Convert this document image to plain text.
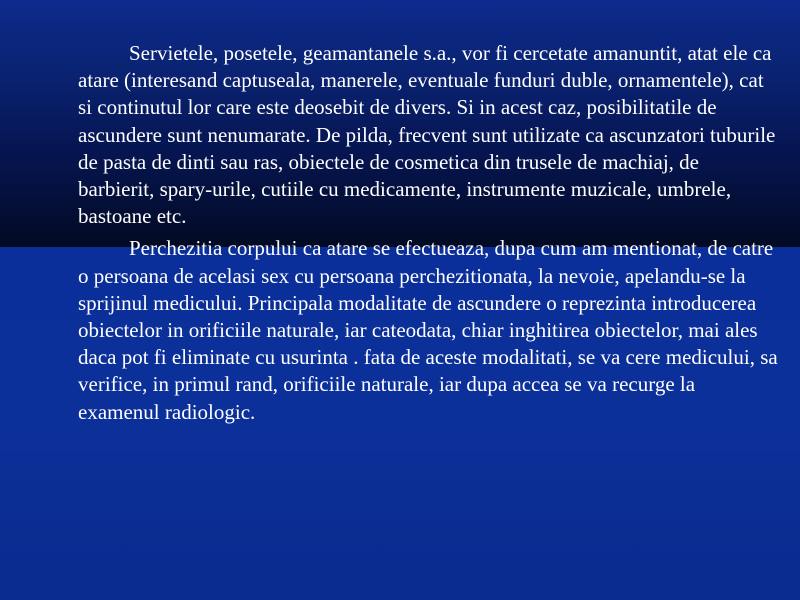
Servietele, posetele, geamantanele s.a., vor fi cercetate amanuntit, atat ele ca atare (interesand captuseala, manerele, eventuale funduri duble, ornamentele), cat si continutul lor care este deosebit de divers. Si in acest caz, posibilitatile de ascundere sunt nenumarate. De pilda, frecvent sunt utilizate ca ascunzatori tuburile de pasta de dinti sau ras, obiectele de cosmetica din trusele de machiaj, de barbierit, spary-urile, cutiile cu medicamente, instrumente muzicale, umbrele, bastoane etc.

Perchezitia corpului ca atare se efectueaza, dupa cum am mentionat, de catre o persoana de acelasi sex cu persoana perchezitionata, la nevoie, apelandu-se la sprijinul medicului. Principala modalitate de ascundere o reprezinta introducerea obiectelor in orificiile naturale, iar cateodata, chiar inghitirea obiectelor, mai ales daca pot fi eliminate cu usurinta . fata de aceste modalitati, se va cere medicului, sa verifice, in primul rand, orificiile naturale, iar dupa accea se va recurge la examenul radiologic.
